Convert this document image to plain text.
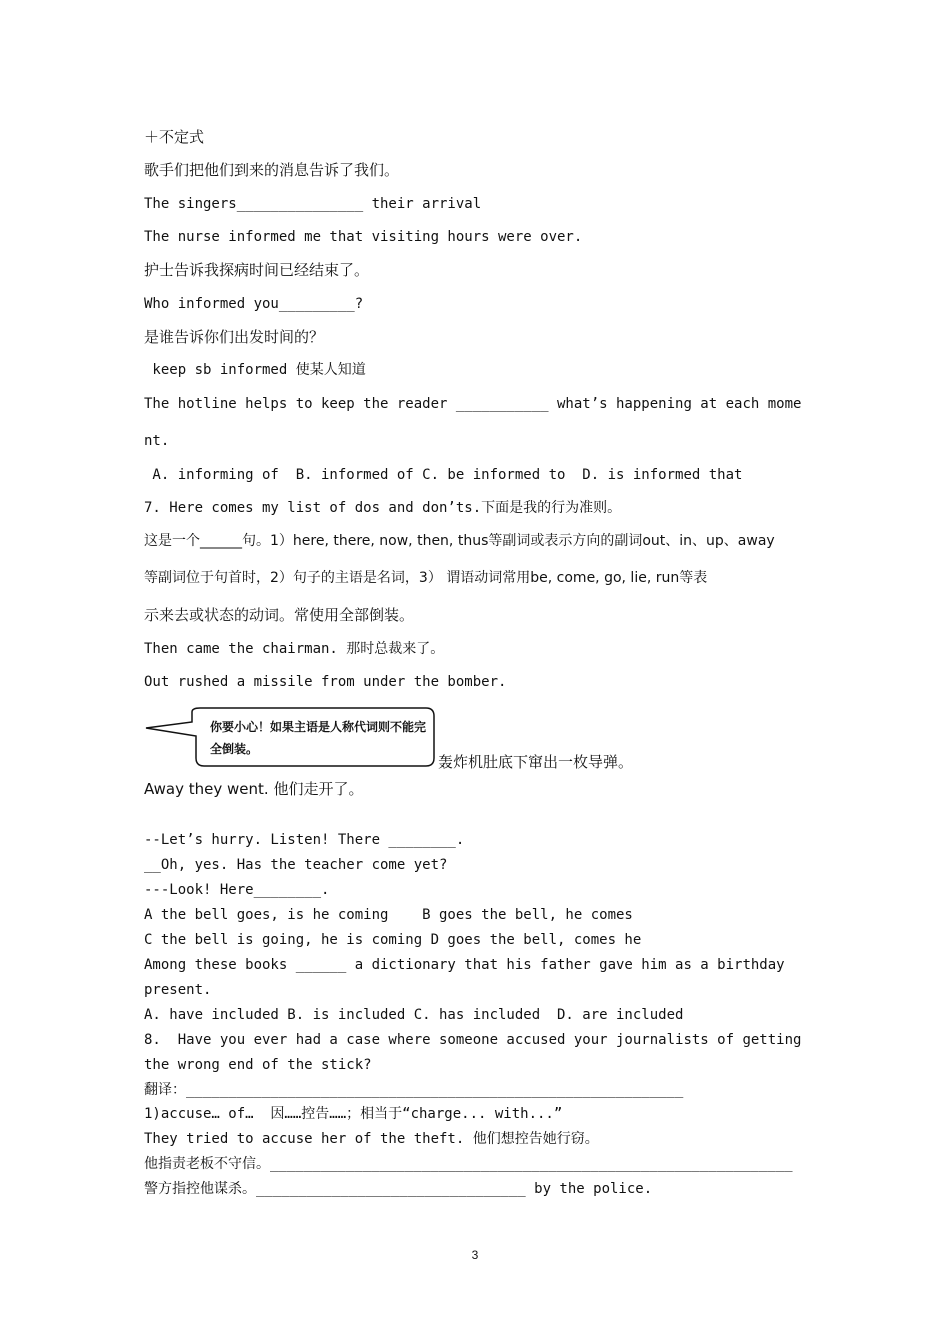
＋不定式
歌手们把他们到来的消息告诉了我们。
The singers_______________ their arrival
The nurse informed me that visiting hours were over.
护士告诉我探病时间已经结束了。
Who informed you_________?
是谁告诉你们出发时间的？
keep sb informed 使某人知道
The hotline helps to keep the reader ___________ what’s happening at each mome
nt.
A. informing of  B. informed of C. be informed to  D. is informed that
7. Here comes my list of dos and don’ts.下面是我的行为准则。
这是一个______句。1）here, there, now, then, thus等副词或表示方向的副词out、in、up、away
等副词位于句首时，2）句子的主语是名词，3） 谓语动词常用be, come, go, lie, run等表
示来去或状态的动词。常使用全部倒装。
Then came the chairman. 那时总裁来了。
Out rushed a missile from under the bomber.
你要小心！如果主语是人称代词则不能完全倒装。
轰炸机肚底下窜出一枚导弹。
Away they went. 他们走开了。
--Let’s hurry. Listen! There ________.
__Oh, yes. Has the teacher come yet?
---Look! Here________.
A the bell goes, is he coming    B goes the bell, he comes
C the bell is going, he is coming D goes the bell, comes he
Among these books ______ a dictionary that his father gave him as a birthday
present.
A. have included B. is included C. has included  D. are included
8.  Have you ever had a case where someone accused your journalists of getting
the wrong end of the stick?
翻译：___________________________________________________________
1)accuse… of…  因……控告……；相当于“charge... with...”
They tried to accuse her of the theft. 他们想控告她行窃。
他指责老板不守信。______________________________________________________________
警方指控他谋杀。________________________________ by the police.
3
